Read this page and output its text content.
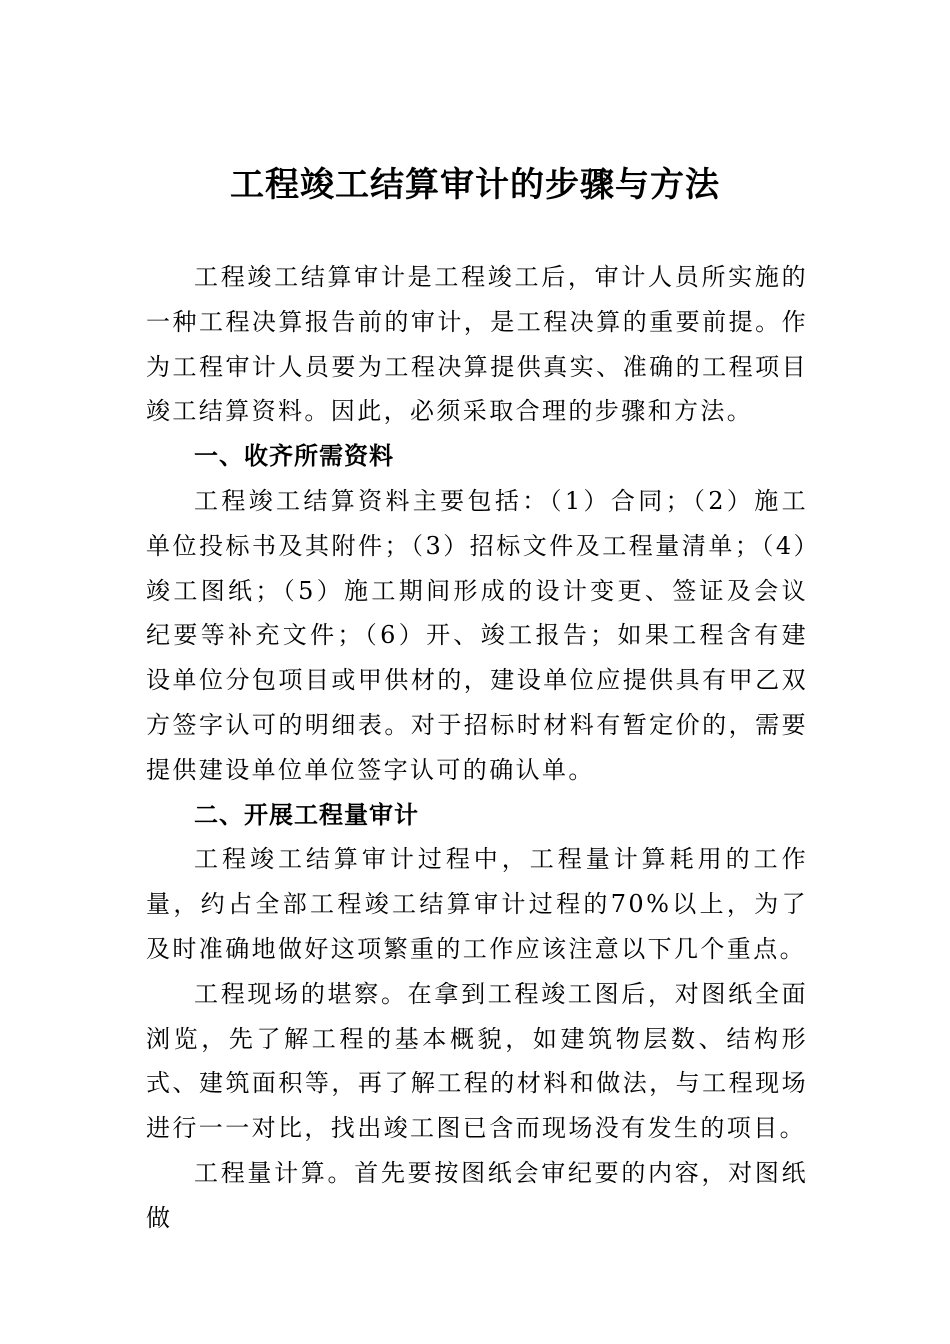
工程竣工结算审计的步骤与方法

工程竣工结算审计是工程竣工后，审计人员所实施的一种工程决算报告前的审计，是工程决算的重要前提。作为工程审计人员要为工程决算提供真实、准确的工程项目竣工结算资料。因此，必须采取合理的步骤和方法。

一、收齐所需资料

工程竣工结算资料主要包括：（1）合同；（2）施工单位投标书及其附件；（3）招标文件及工程量清单；（4）竣工图纸；（5）施工期间形成的设计变更、签证及会议纪要等补充文件；（6）开、竣工报告；如果工程含有建设单位分包项目或甲供材的，建设单位应提供具有甲乙双方签字认可的明细表。对于招标时材料有暂定价的，需要提供建设单位单位签字认可的确认单。

二、开展工程量审计

工程竣工结算审计过程中，工程量计算耗用的工作量，约占全部工程竣工结算审计过程的70%以上，为了及时准确地做好这项繁重的工作应该注意以下几个重点。

工程现场的堪察。在拿到工程竣工图后，对图纸全面浏览，先了解工程的基本概貌，如建筑物层数、结构形式、建筑面积等，再了解工程的材料和做法，与工程现场进行一一对比，找出竣工图已含而现场没有发生的项目。

工程量计算。首先要按图纸会审纪要的内容，对图纸做
